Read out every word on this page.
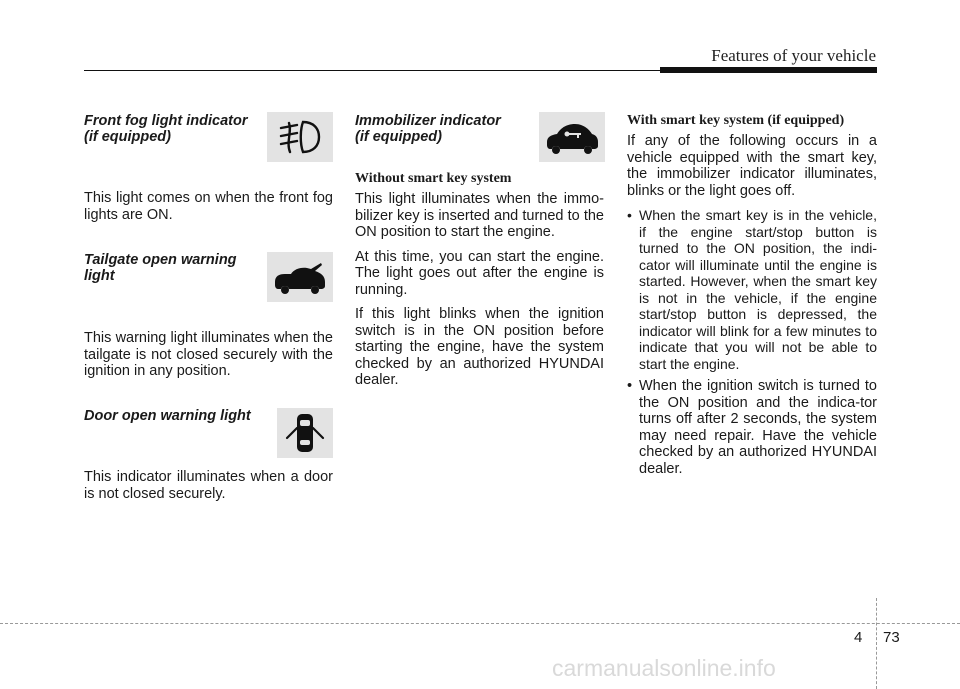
Features of your vehicle
Front fog light indicator
(if equipped)

This light comes on when the front fog lights are ON.

Tailgate open warning
light

This warning light illuminates when the tailgate is not closed securely with the ignition in any position.

Door open warning light

This indicator illuminates when a door is not closed securely.

Immobilizer indicator
(if equipped)
Without smart key system

This light illuminates when the immo-bilizer key is inserted and turned to the ON position to start the engine.

At this time, you can start the engine. The light goes out after the engine is running.

If this light blinks when the ignition switch is in the ON position before starting the engine, have the system checked by an authorized HYUNDAI dealer.

With smart key system (if equipped)

If any of the following occurs in a vehicle equipped with the smart key, the immobilizer indicator illuminates, blinks or the light goes off.

• When the smart key is in the vehicle, if the engine start/stop button is turned to the ON position, the indi-cator will illuminate until the engine is started. However, when the smart key is not in the vehicle, if the engine start/stop button is depressed, the indicator will blink for a few minutes to indicate that you will not be able to start the engine.
• When the ignition switch is turned to the ON position and the indica-tor turns off after 2 seconds, the system may need repair. Have the vehicle checked by an authorized HYUNDAI dealer.
4 73
carmanualsonline.info
